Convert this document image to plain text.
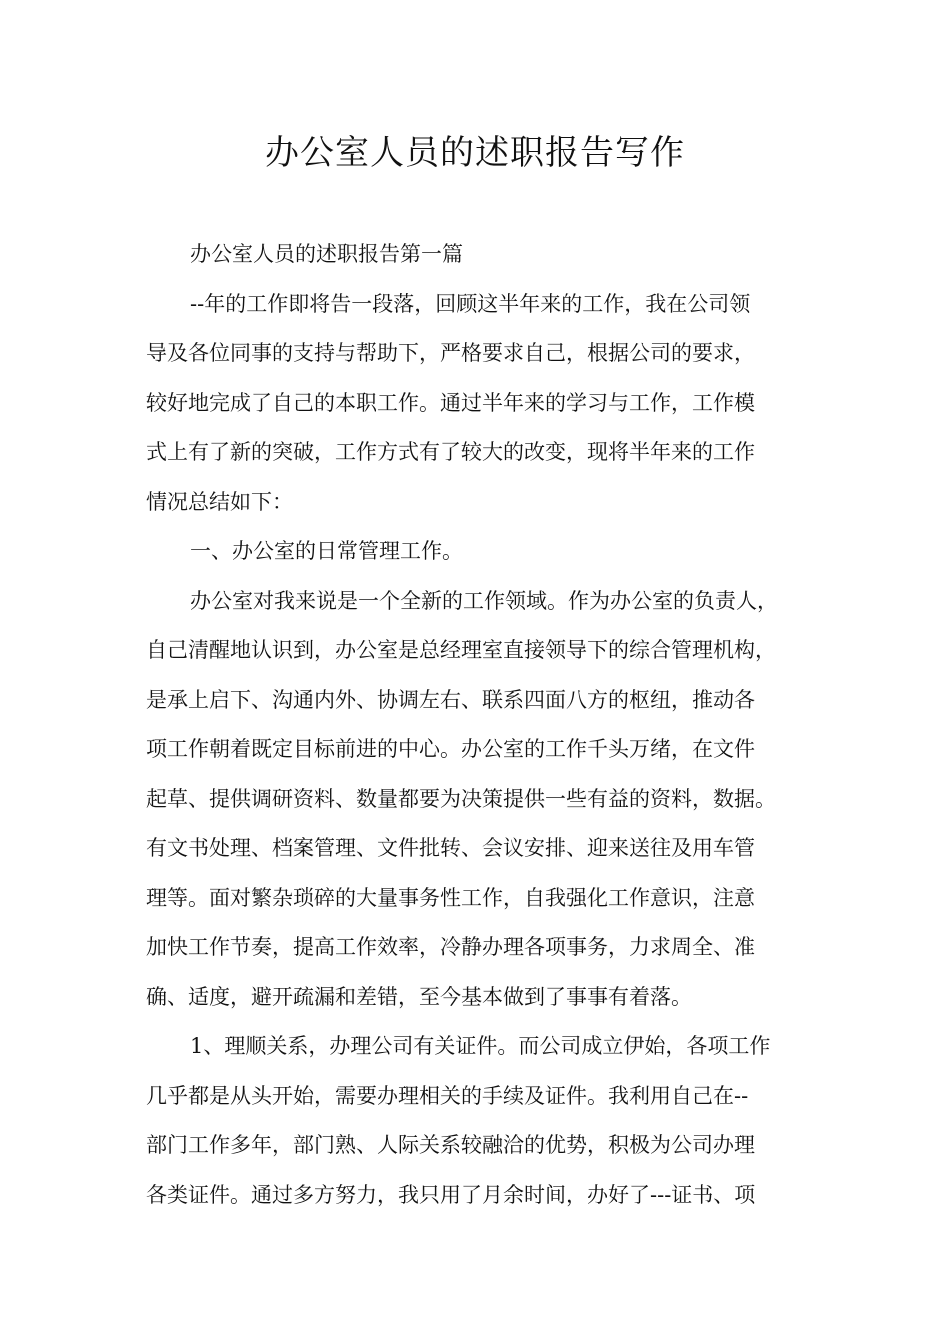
办公室人员的述职报告写作
办公室人员的述职报告第一篇
--年的工作即将告一段落，回顾这半年来的工作，我在公司领
导及各位同事的支持与帮助下，严格要求自己，根据公司的要求，
较好地完成了自己的本职工作。通过半年来的学习与工作，工作模
式上有了新的突破，工作方式有了较大的改变，现将半年来的工作
情况总结如下：
一、办公室的日常管理工作。
办公室对我来说是一个全新的工作领域。作为办公室的负责人，
自己清醒地认识到，办公室是总经理室直接领导下的综合管理机构，
是承上启下、沟通内外、协调左右、联系四面八方的枢纽，推动各
项工作朝着既定目标前进的中心。办公室的工作千头万绪，在文件
起草、提供调研资料、数量都要为决策提供一些有益的资料，数据。
有文书处理、档案管理、文件批转、会议安排、迎来送往及用车管
理等。面对繁杂琐碎的大量事务性工作，自我强化工作意识，注意
加快工作节奏，提高工作效率，冷静办理各项事务，力求周全、准
确、适度，避开疏漏和差错，至今基本做到了事事有着落。
1、理顺关系，办理公司有关证件。而公司成立伊始，各项工作
几乎都是从头开始，需要办理相关的手续及证件。我利用自己在--
部门工作多年，部门熟、人际关系较融洽的优势，积极为公司办理
各类证件。通过多方努力，我只用了月余时间，办好了---证书、项
